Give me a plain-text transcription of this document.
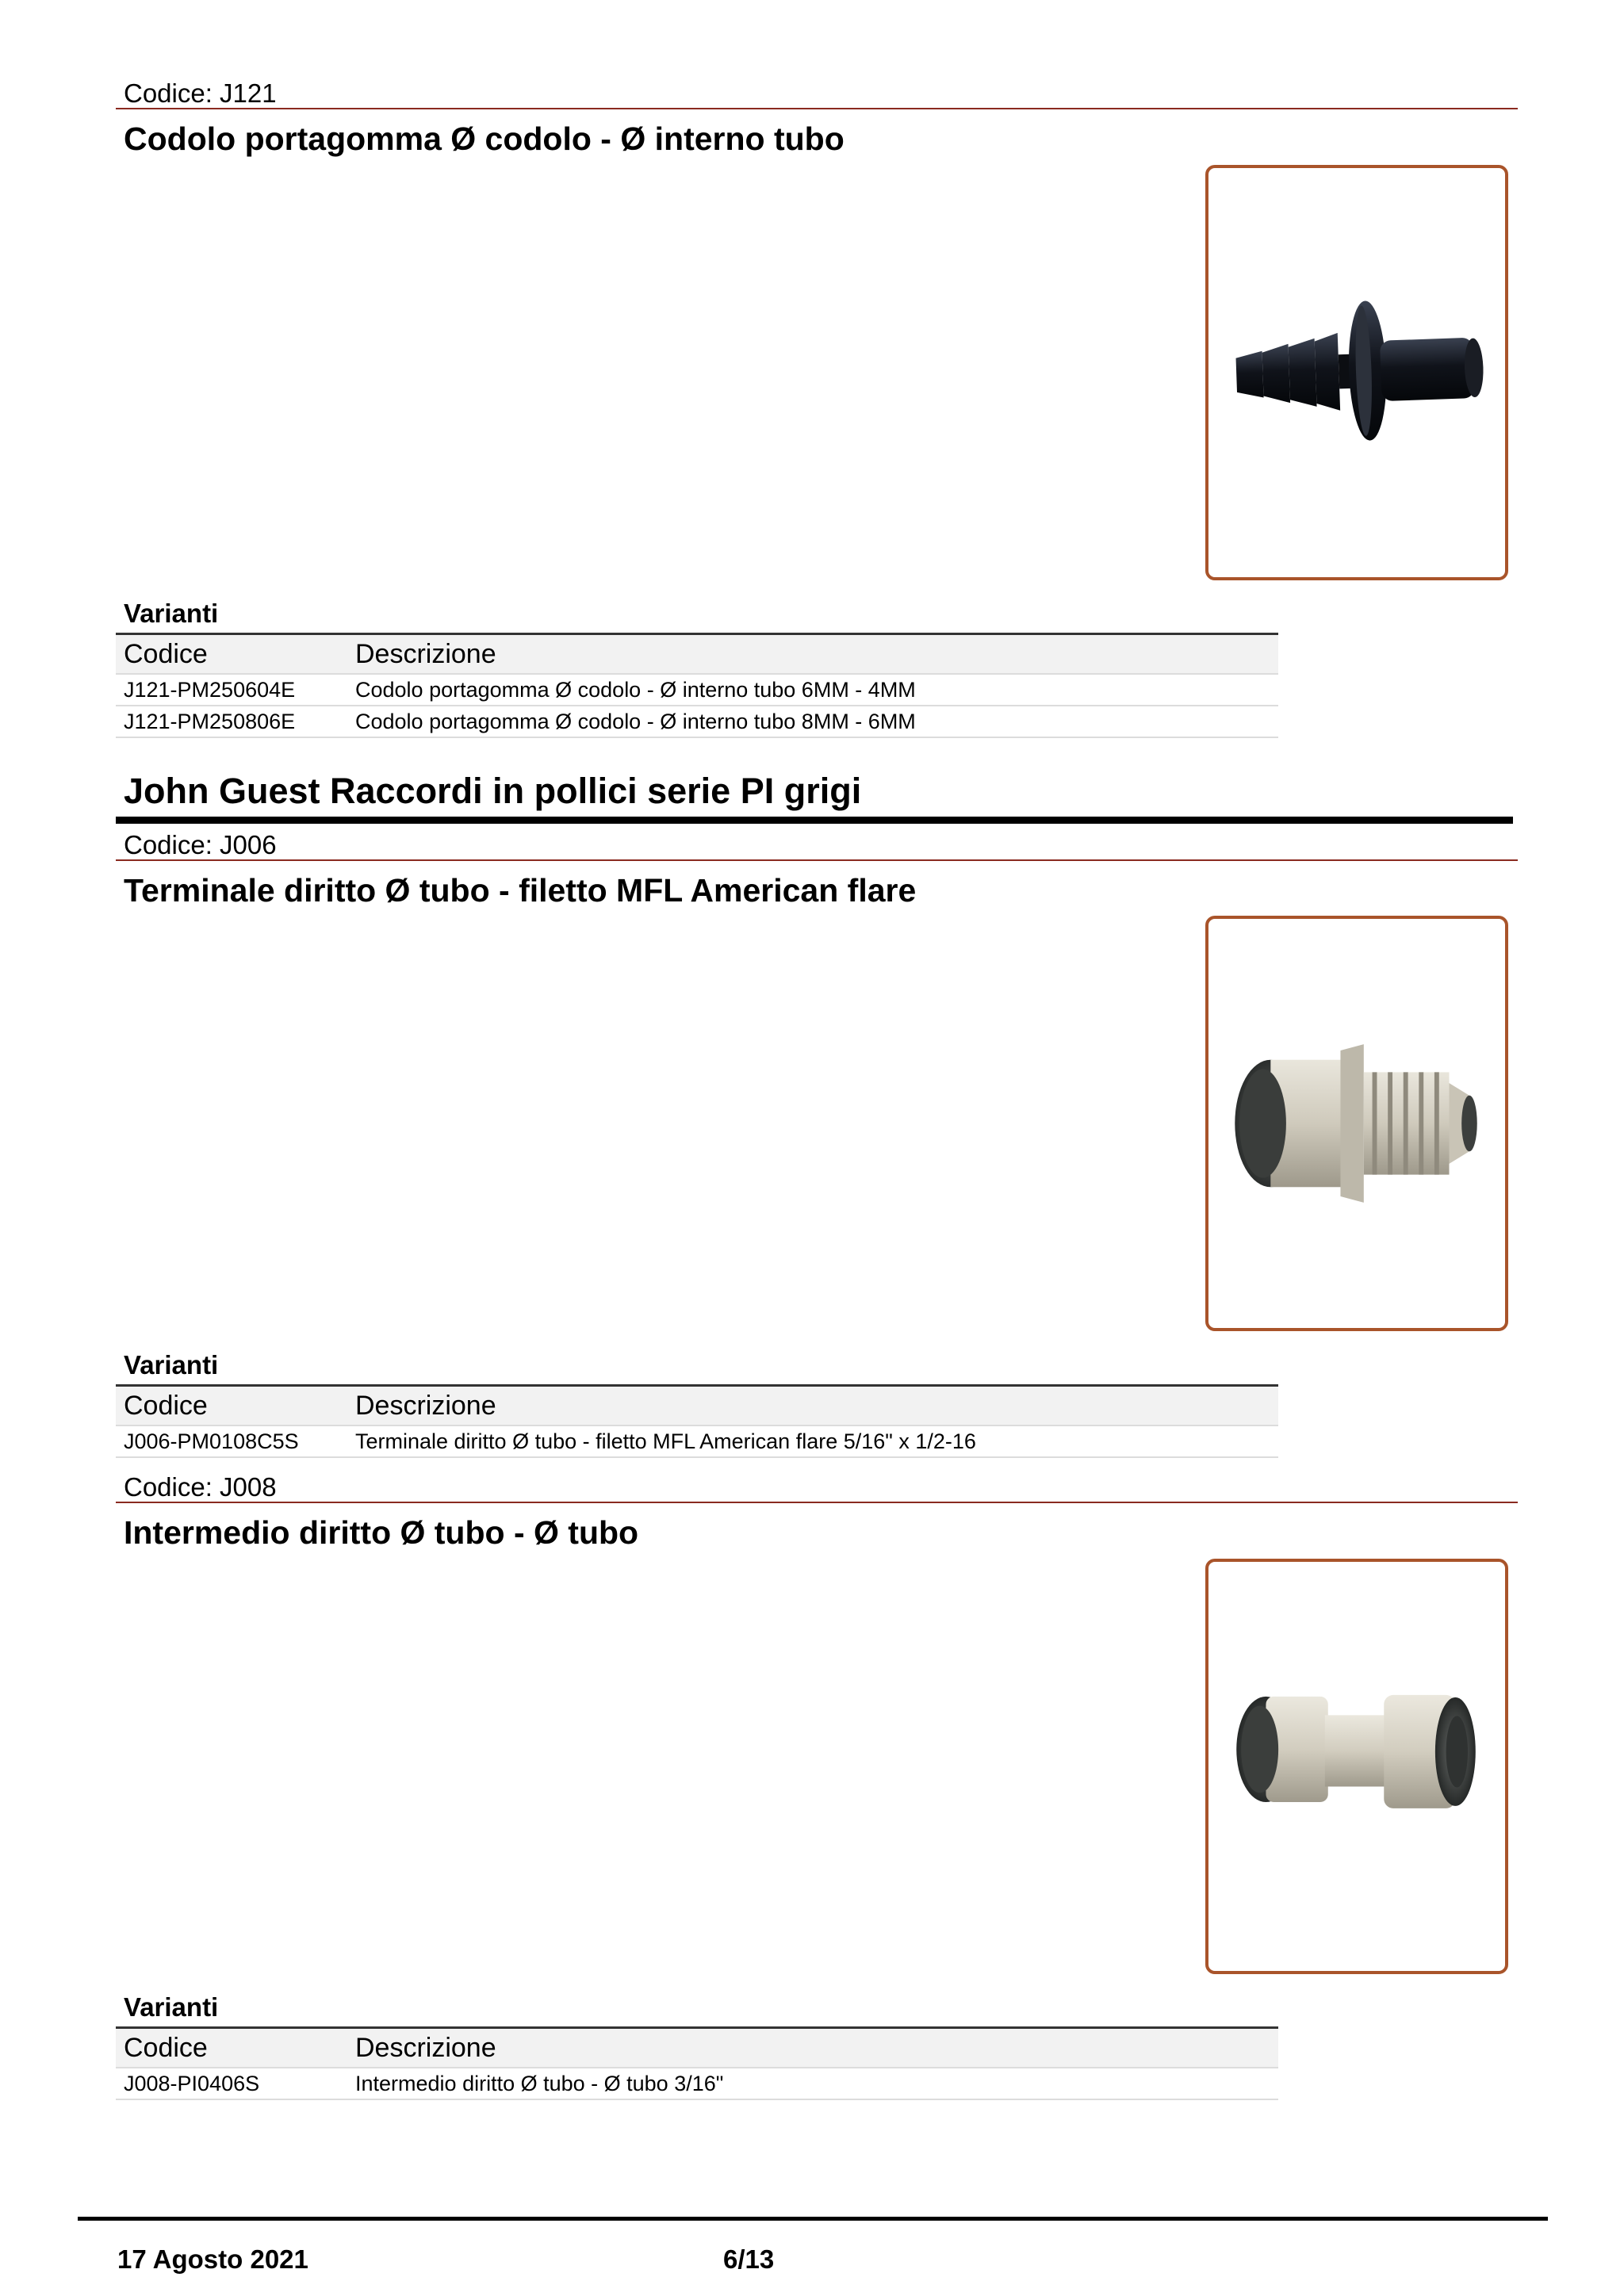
Codice: J121
Codolo portagomma Ø codolo - Ø interno tubo
Varianti
Codice	Descrizione
J121-PM250604E	Codolo portagomma Ø codolo - Ø interno tubo 6MM - 4MM
J121-PM250806E	Codolo portagomma Ø codolo - Ø interno tubo 8MM - 6MM
John Guest Raccordi in pollici serie PI grigi
Codice: J006
Terminale diritto Ø tubo - filetto MFL American flare
Varianti
Codice	Descrizione
J006-PM0108C5S	Terminale diritto Ø tubo - filetto MFL American flare 5/16" x 1/2-16
Codice: J008
Intermedio diritto Ø tubo - Ø tubo
Varianti
Codice	Descrizione
J008-PI0406S	Intermedio diritto Ø tubo - Ø tubo 3/16"
17 Agosto 2021	6/13
